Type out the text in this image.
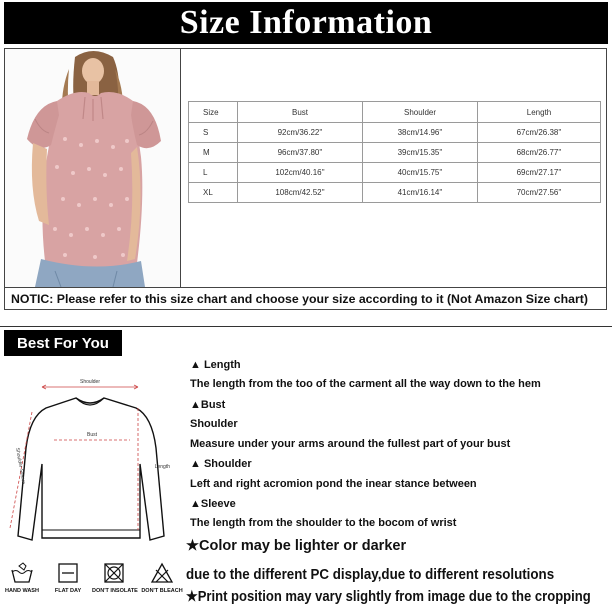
Size Information
NOTIC: Please refer to this size chart and choose your size according to it (Not Amazon Size chart)
Size	Bust	Shoulder	Length
S	92cm/36.22''	38cm/14.96''	67cm/26.38''
M	96cm/37.80''	39cm/15.35''	68cm/26.77''
L	102cm/40.16''	40cm/15.75''	69cm/27.17''
XL	108cm/42.52''	41cm/16.14''	70cm/27.56''
Best For You
Shoulder
Bust
Length
Shoulder Sleeve
HAND WASH	FLAT DAY	DON'T INSOLATE DON'T BLEACH
▲ Length
The length from the too of the carment all the way down to the hem
▲Bust
Shoulder
Measure under your arms around the fullest part of your bust
▲ Shoulder
Left and right acromion pond the inear stance between
▲Sleeve
The length from the shoulder to the bocom of wrist
★Color may be lighter or darker
due to the different PC display,due to different resolutions
★Print position may vary slightly from image due to the cropping
